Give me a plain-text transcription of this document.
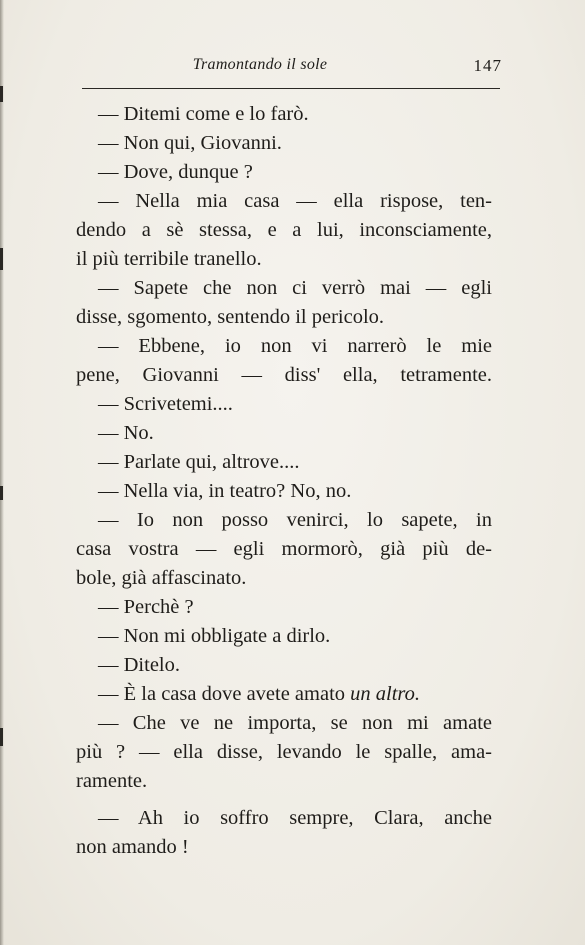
Tramontando il sole	147
— Ditemi come e lo farò.
— Non qui, Giovanni.
— Dove, dunque ?
— Nella mia casa — ella rispose, ten-
dendo a sè stessa, e a lui, inconsciamente,
il più terribile tranello.
— Sapete che non ci verrò mai — egli
disse, sgomento, sentendo il pericolo.
— Ebbene, io non vi narrerò le mie
pene, Giovanni — diss' ella, tetramente.
— Scrivetemi....
— No.
— Parlate qui, altrove....
— Nella via, in teatro? No, no.
— Io non posso venirci, lo sapete, in
casa vostra — egli mormorò, già più de-
bole, già affascinato.
— Perchè ?
— Non mi obbligate a dirlo.
— Ditelo.
— È la casa dove avete amato un altro.
— Che ve ne importa, se non mi amate
più ? — ella disse, levando le spalle, ama-
ramente.
— Ah io soffro sempre, Clara, anche
non amando !
